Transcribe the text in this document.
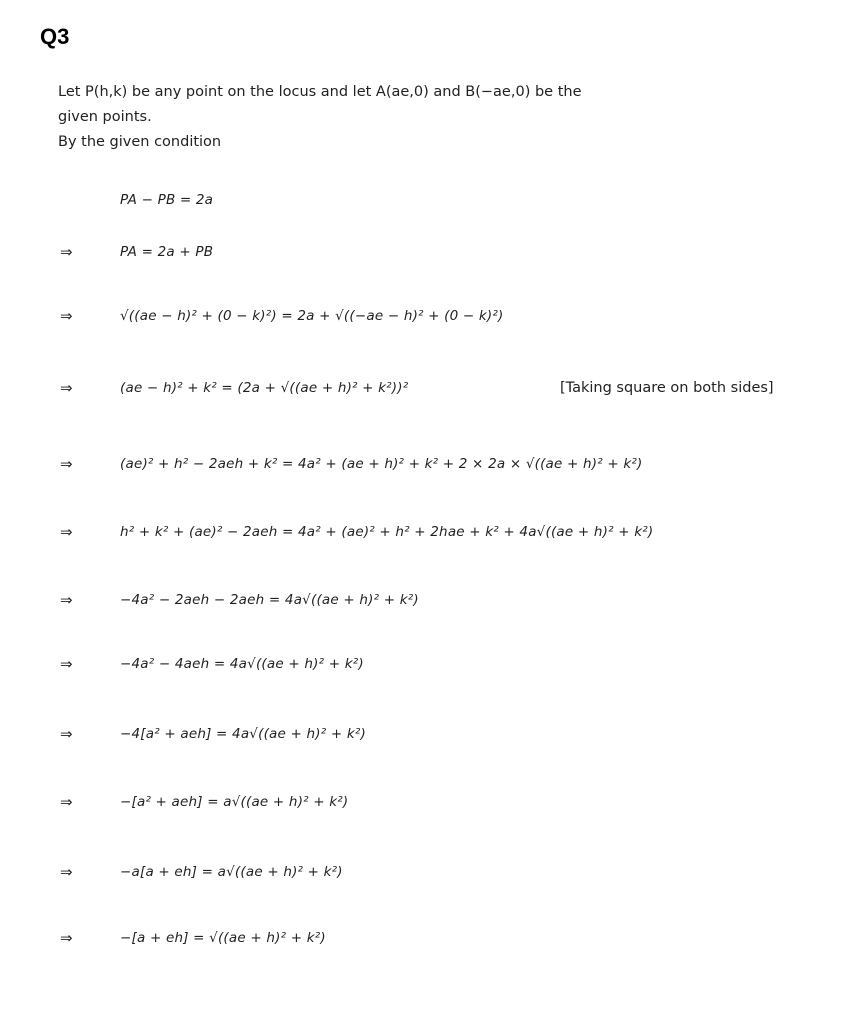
Q3
Let P(h,k) be any point on the locus and let A(ae,0) and B(−ae,0) be the
given points.
By the given condition
PA − PB = 2a
⇒	PA = 2a + PB
⇒	√((ae − h)² + (0 − k)²) = 2a + √((−ae − h)² + (0 − k)²)
⇒	(ae − h)² + k² = (2a + √((ae + h)² + k²))²	[Taking square on both sides]
⇒	(ae)² + h² − 2aeh + k² = 4a² + (ae + h)² + k² + 2 × 2a × √((ae + h)² + k²)
⇒	h² + k² + (ae)² − 2aeh = 4a² + (ae)² + h² + 2hae + k² + 4a√((ae + h)² + k²)
⇒	−4a² − 2aeh − 2aeh = 4a√((ae + h)² + k²)
⇒	−4a² − 4aeh = 4a√((ae + h)² + k²)
⇒	−4[a² + aeh] = 4a√((ae + h)² + k²)
⇒	−[a² + aeh] = a√((ae + h)² + k²)
⇒	−a[a + eh] = a√((ae + h)² + k²)
⇒	−[a + eh] = √((ae + h)² + k²)
